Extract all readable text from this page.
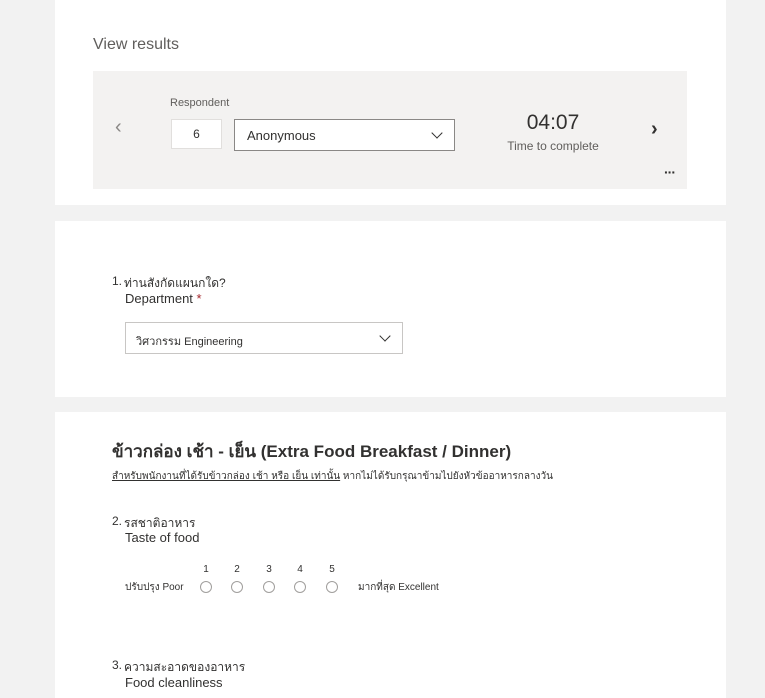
View results
‹
Respondent
6	Anonymous
04:07
Time to complete
›
···
1. ท่านสังกัดแผนกใด?
Department *
วิศวกรรม Engineering
ข้าวกล่อง เช้า - เย็น (Extra Food Breakfast / Dinner)
สำหรับพนักงานที่ได้รับข้าวกล่อง เช้า หรือ เย็น เท่านั้น หากไม่ได้รับกรุณาข้ามไปยังหัวข้ออาหารกลางวัน
2. รสชาติอาหาร
Taste of food
ปรับปรุง Poor
1	2	3	4	5
มากที่สุด Excellent
3. ความสะอาดของอาหาร
Food cleanliness
